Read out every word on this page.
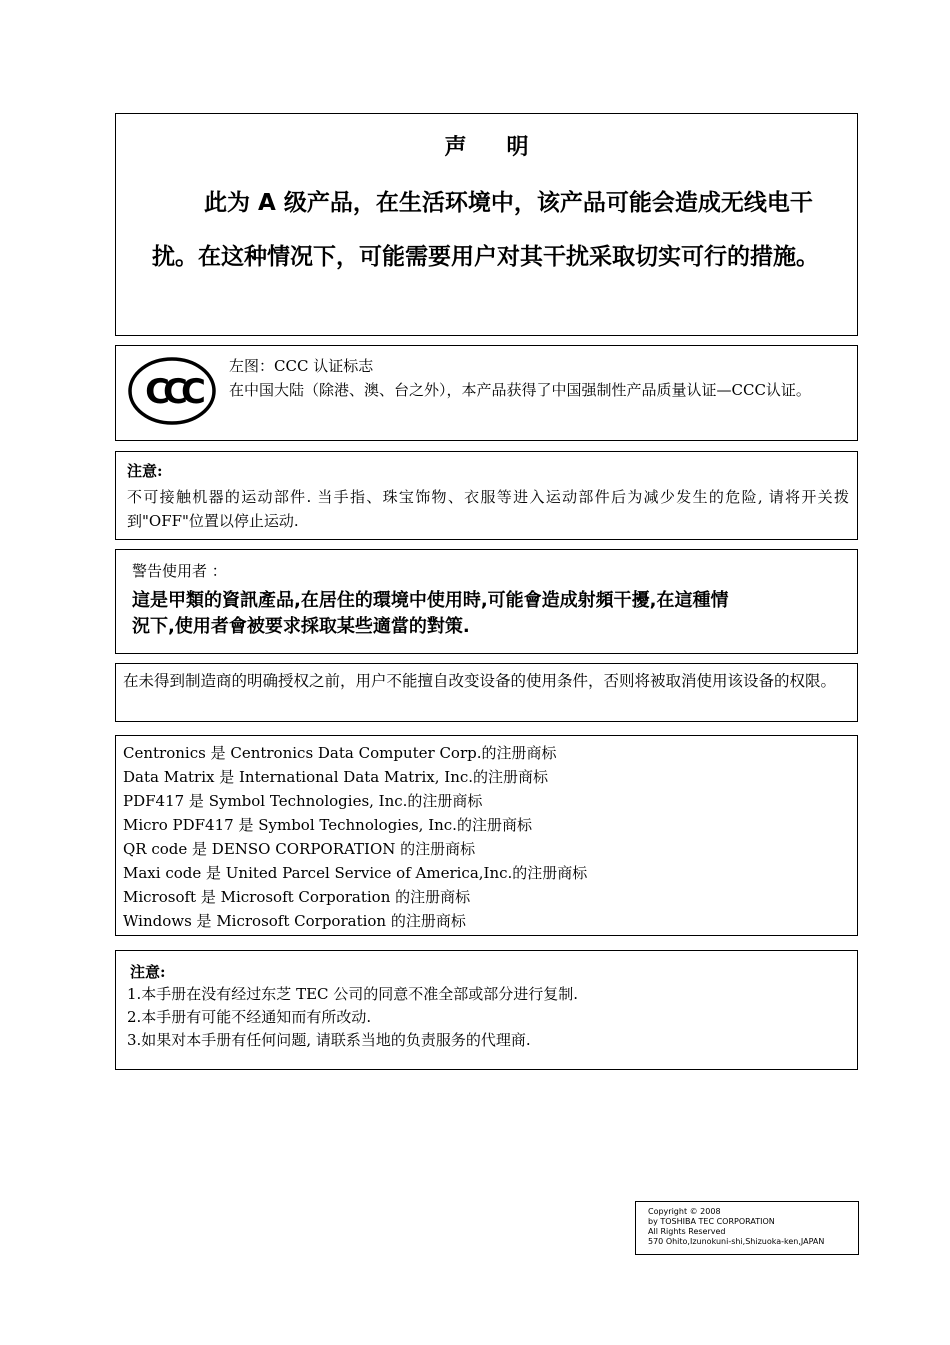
声明
此为 A 级产品，在生活环境中，该产品可能会造成无线电干扰。在这种情况下，可能需要用户对其干扰采取切实可行的措施。
CCC
左图：CCC 认证标志
在中国大陆（除港、澳、台之外），本产品获得了中国强制性产品质量认证—CCC认证。
注意:
不可接触机器的运动部件. 当手指、珠宝饰物、衣服等进入运动部件后为减少发生的危险, 请将开关拨到"OFF"位置以停止运动.
警告使用者 ：
這是甲類的資訊產品,在居住的環境中使用時,可能會造成射頻干擾,在這種情況下,使用者會被要求採取某些適當的對策.
在未得到制造商的明确授权之前，用户不能擅自改变设备的使用条件，否则将被取消使用该设备的权限。
Centronics 是 Centronics Data Computer Corp.的注册商标
Data Matrix 是 International Data Matrix, Inc.的注册商标
PDF417 是 Symbol Technologies, Inc.的注册商标
Micro PDF417 是 Symbol Technologies, Inc.的注册商标
QR code 是 DENSO CORPORATION 的注册商标
Maxi code 是 United Parcel Service of America,Inc.的注册商标
Microsoft 是 Microsoft Corporation 的注册商标
Windows 是 Microsoft Corporation 的注册商标
注意:
1.本手册在没有经过东芝 TEC 公司的同意不准全部或部分进行复制.
2.本手册有可能不经通知而有所改动.
3.如果对本手册有任何问题, 请联系当地的负责服务的代理商.
Copyright © 2008
by TOSHIBA TEC CORPORATION
All Rights Reserved
570 Ohito,Izunokuni-shi,Shizuoka-ken,JAPAN
